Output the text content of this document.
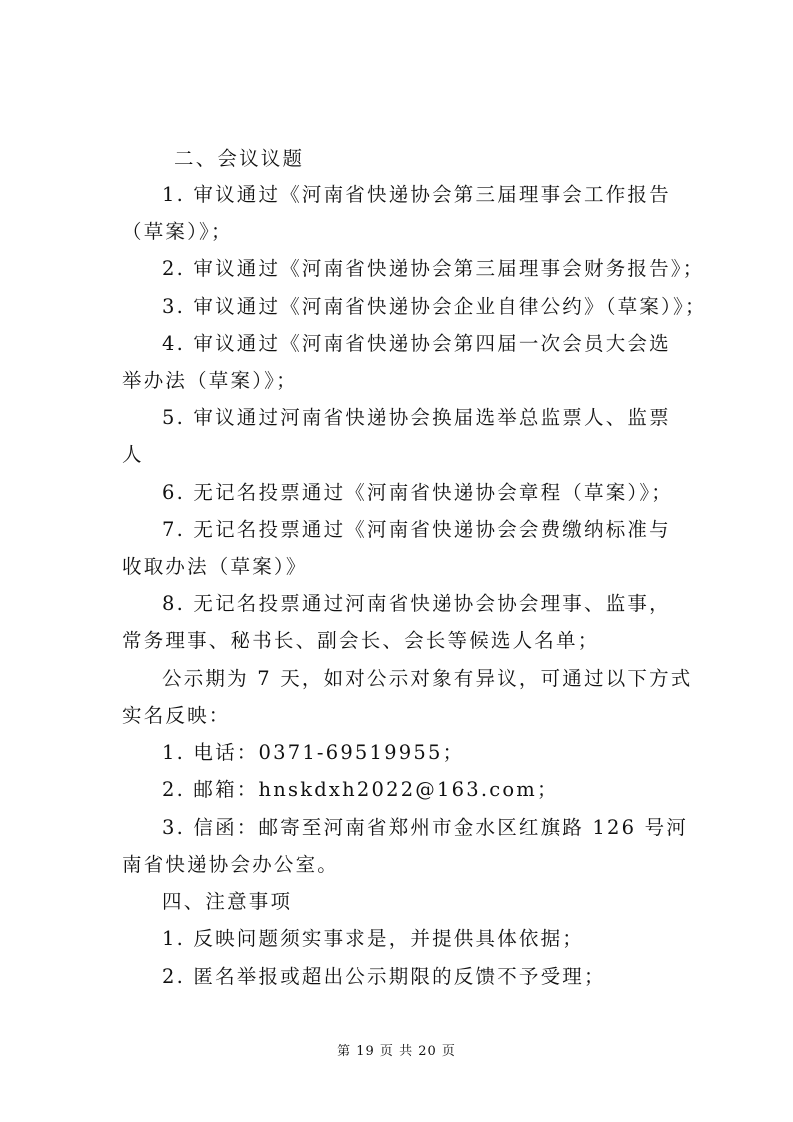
二、会议议题
1. 审议通过《河南省快递协会第三届理事会工作报告
（草案）》；
2. 审议通过《河南省快递协会第三届理事会财务报告》；
3. 审议通过《河南省快递协会企业自律公约》（草案）》；
4. 审议通过《河南省快递协会第四届一次会员大会选
举办法（草案）》；
5. 审议通过河南省快递协会换届选举总监票人、监票
人
6. 无记名投票通过《河南省快递协会章程（草案）》；
7. 无记名投票通过《河南省快递协会会费缴纳标准与
收取办法（草案）》
8. 无记名投票通过河南省快递协会协会理事、监事，
常务理事、秘书长、副会长、会长等候选人名单；
公示期为 7 天，如对公示对象有异议，可通过以下方式
实名反映：
1. 电话：0371-69519955；
2. 邮箱：hnskdxh2022@163.com；
3. 信函：邮寄至河南省郑州市金水区红旗路 126 号河
南省快递协会办公室。
四、注意事项
1. 反映问题须实事求是，并提供具体依据；
2. 匿名举报或超出公示期限的反馈不予受理；
第 19 页 共 20 页
